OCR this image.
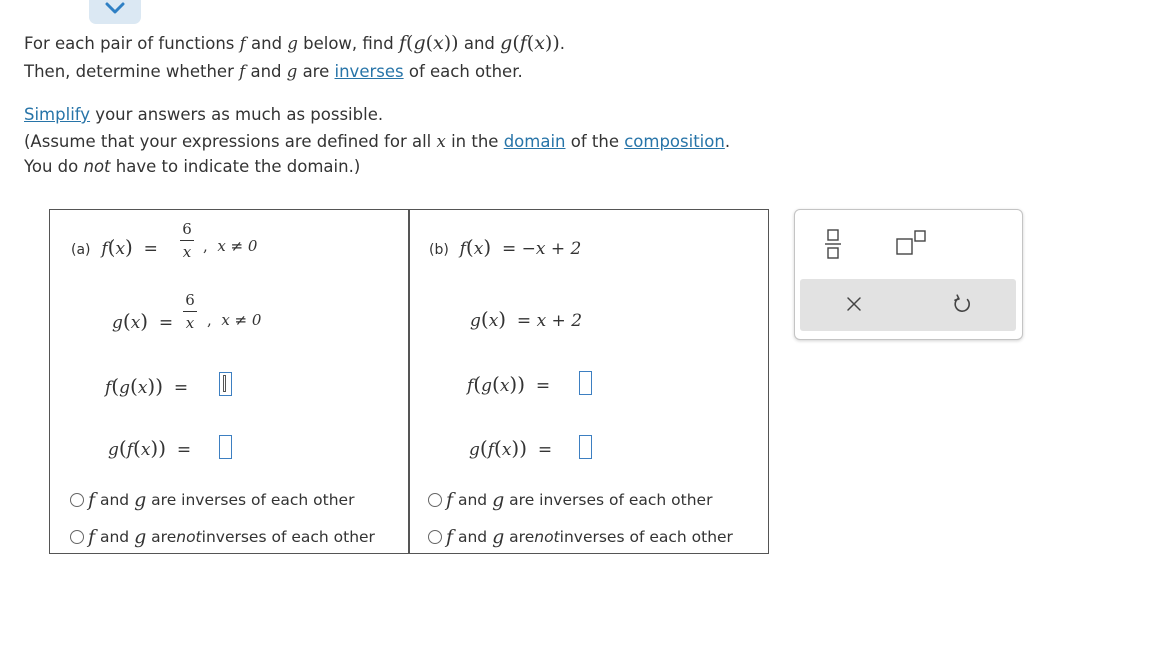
For each pair of functions f and g below, find f(g(x)) and g(f(x)).
Then, determine whether f and g are inverses of each other.
Simplify your answers as much as possible.
(Assume that your expressions are defined for all x in the domain of the composition.
You do not have to indicate the domain.)
(a) f(x) =
6
x ,  x ≠ 0
g(x) =
6
x ,  x ≠ 0
f(g(x)) =
g(f(x)) =
f and g
are inverses of each other
f and g
are not inverses of each other
(b) f(x) = −x + 2
g(x) = x + 2
f(g(x)) =
g(f(x)) =
f and g
are inverses of each other
f and g
are not inverses of each other
